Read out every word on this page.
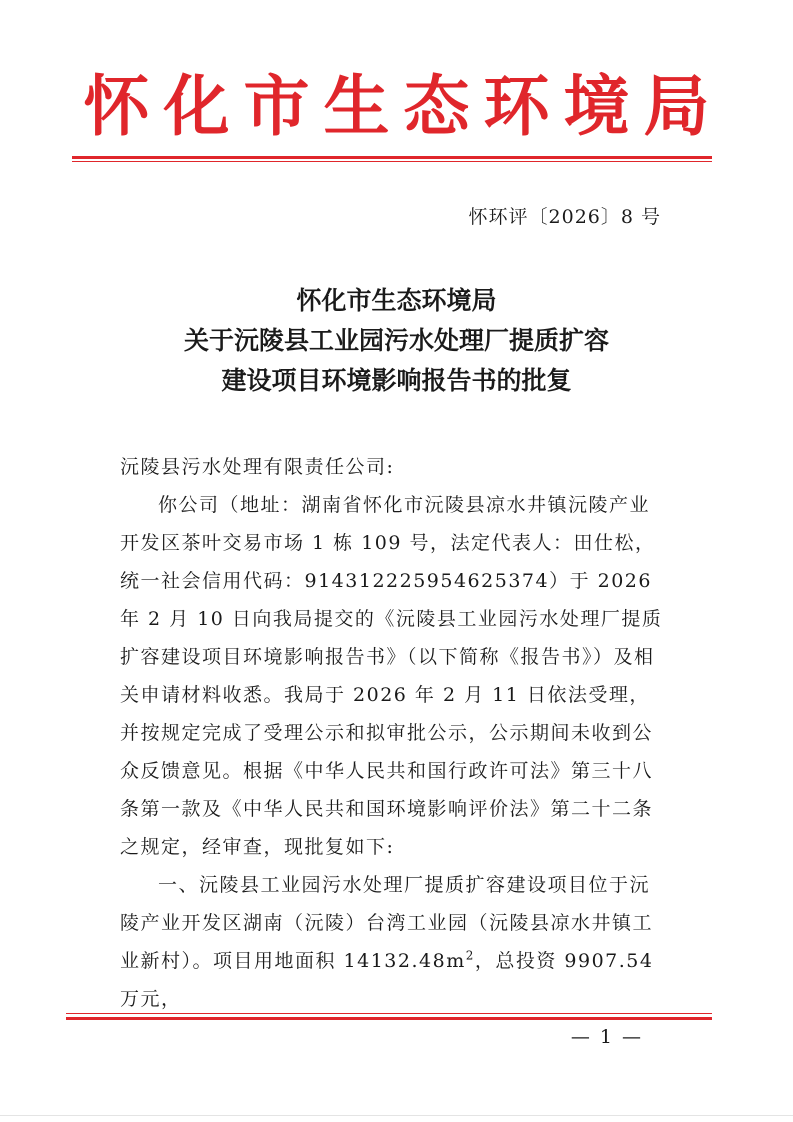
怀化市生态环境局
怀环评〔2026〕8 号
怀化市生态环境局
关于沅陵县工业园污水处理厂提质扩容
建设项目环境影响报告书的批复

沅陵县污水处理有限责任公司:

你公司（地址：湖南省怀化市沅陵县凉水井镇沅陵产业开发区茶叶交易市场 1 栋 109 号，法定代表人：田仕松，统一社会信用代码：914312225954625374）于 2026 年 2 月 10 日向我局提交的《沅陵县工业园污水处理厂提质扩容建设项目环境影响报告书》（以下简称《报告书》）及相关申请材料收悉。我局于 2026 年 2 月 11 日依法受理，并按规定完成了受理公示和拟审批公示，公示期间未收到公众反馈意见。根据《中华人民共和国行政许可法》第三十八条第一款及《中华人民共和国环境影响评价法》第二十二条之规定，经审查，现批复如下:

一、沅陵县工业园污水处理厂提质扩容建设项目位于沅陵产业开发区湖南（沅陵）台湾工业园（沅陵县凉水井镇工业新村）。项目用地面积 $14132.48m^2$，总投资 9907.54 万元，

— 1 —
